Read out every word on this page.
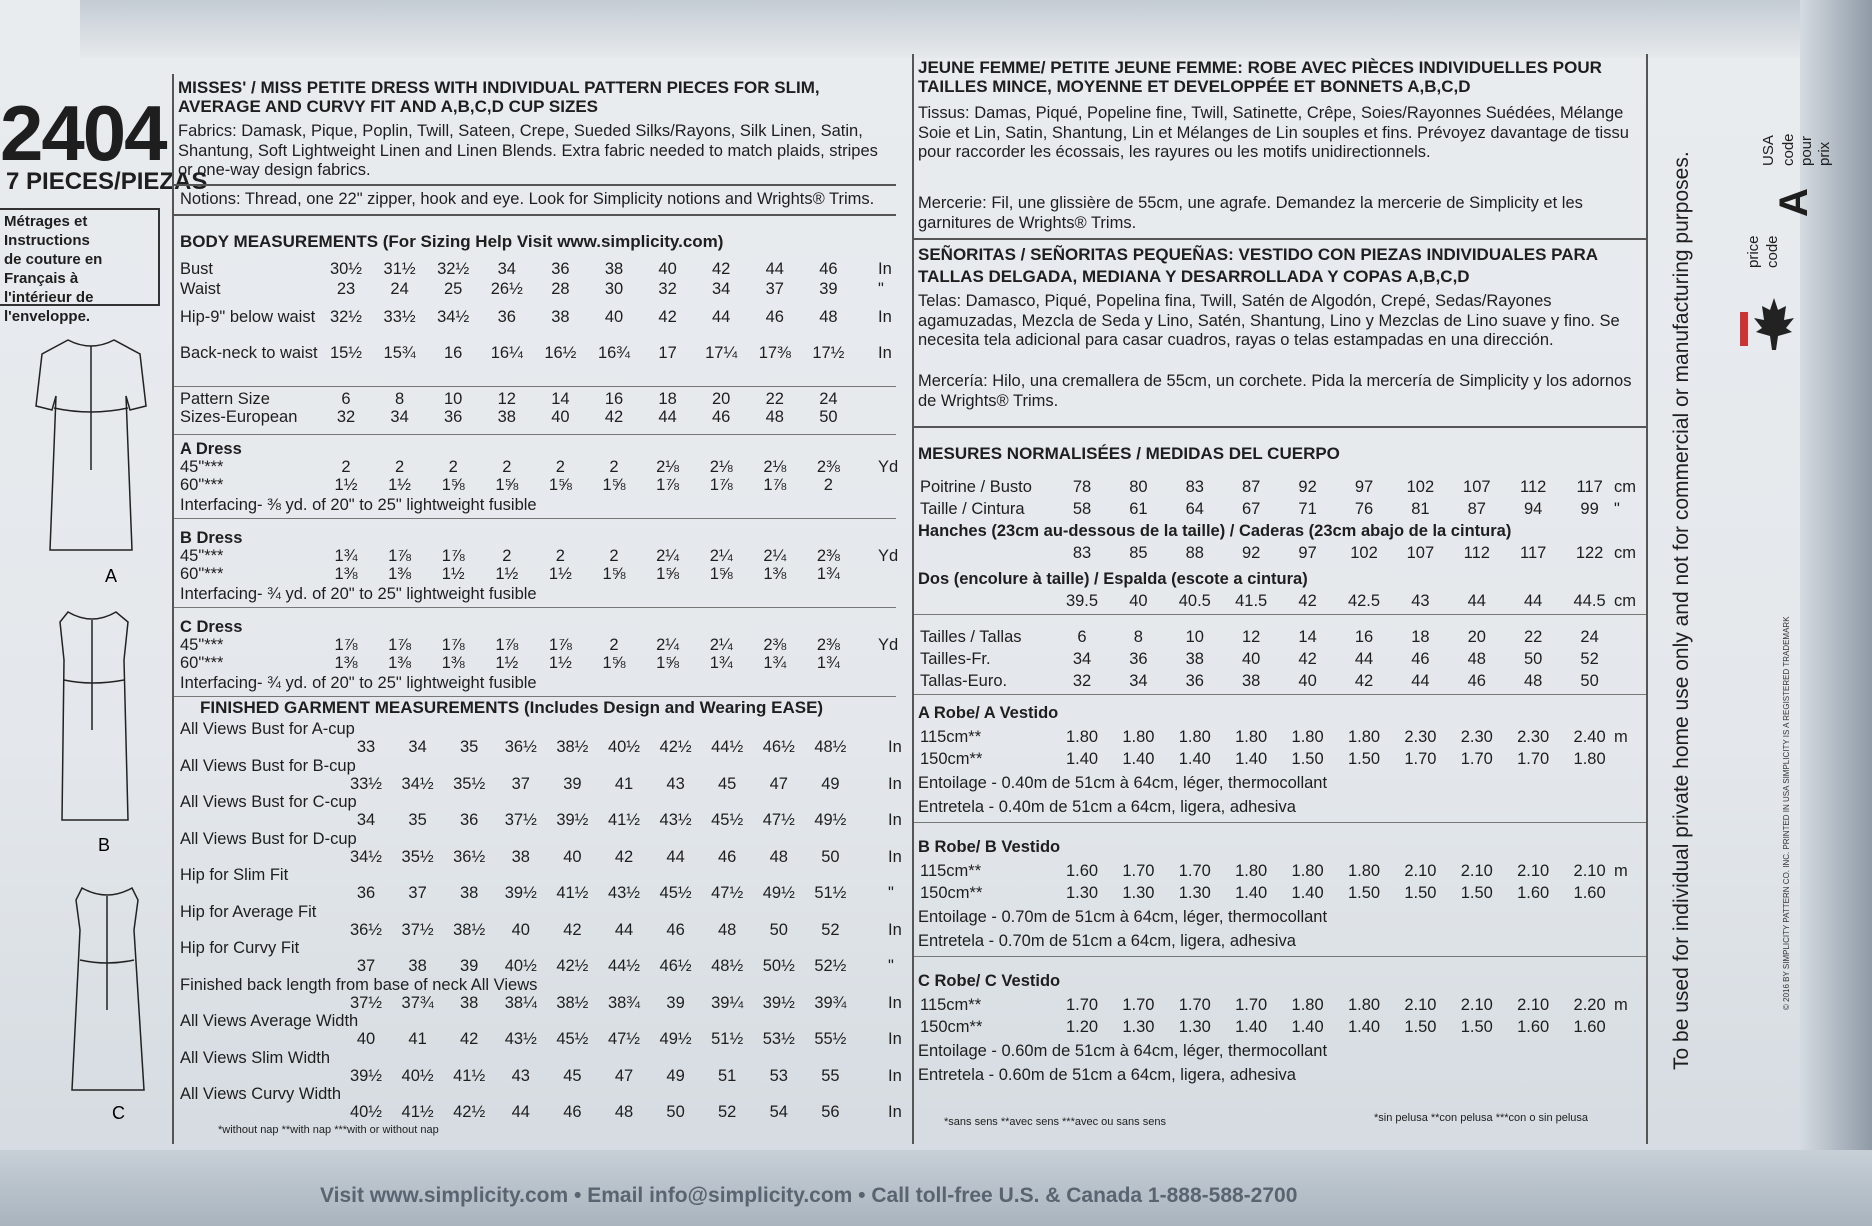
2404
7 PIECES/PIEZAS
Métrages et Instructions
de couture en Français à
l'intérieur de
l'enveloppe.
A
B
C
MISSES' / MISS PETITE DRESS WITH INDIVIDUAL PATTERN PIECES FOR SLIM, AVERAGE AND CURVY FIT AND A,B,C,D CUP SIZES
Fabrics: Damask, Pique, Poplin, Twill, Sateen, Crepe, Sueded Silks/Rayons, Silk Linen, Satin, Shantung, Soft Lightweight Linen and Linen Blends. Extra fabric needed to match plaids, stripes or one-way design fabrics.
Notions: Thread, one 22" zipper, hook and eye. Look for Simplicity notions and Wrights® Trims.
BODY MEASUREMENTS (For Sizing Help Visit www.simplicity.com)
Bust	30½	31½	32½	34	36	38	40	42	44	46	In
Waist	23	24	25	26½	28	30	32	34	37	39	"
Hip-9" below waist 32½	33½	34½	36	38	40	42	44	46	48	In
Back-neck to waist 15½	15¾	16	16¼	16½	16¾	17	17¼	17⅜	17½	In
Pattern Size	6	8	10	12	14	16	18	20	22	24
Sizes-European	32	34	36	38	40	42	44	46	48	50
A Dress
45"***	2	2	2	2	2	2	2⅛	2⅛	2⅛	2⅜	Yd
60"***	1½	1½	1⅝	1⅝	1⅝	1⅝	1⅞	1⅞	1⅞	2
Interfacing- ⅜ yd. of 20" to 25" lightweight fusible
B Dress
45"***	1¾	1⅞	1⅞	2	2	2	2¼	2¼	2¼	2⅜	Yd
60"***	1⅜	1⅜	1½	1½	1½	1⅝	1⅝	1⅝	1⅜	1¾
Interfacing- ¾ yd. of 20" to 25" lightweight fusible
C Dress
45"***	1⅞	1⅞	1⅞	1⅞	1⅞	2	2¼	2¼	2⅜	2⅜	Yd
60"***	1⅜	1⅜	1⅜	1½	1½	1⅝	1⅝	1¾	1¾	1¾
Interfacing- ¾ yd. of 20" to 25" lightweight fusible
FINISHED GARMENT MEASUREMENTS (Includes Design and Wearing EASE)
All Views Bust for A-cup
33	34	35	36½	38½	40½	42½	44½	46½	48½	In
All Views Bust for B-cup
33½	34½	35½	37	39	41	43	45	47	49	In
All Views Bust for C-cup
34	35	36	37½	39½	41½	43½	45½	47½	49½	In
All Views Bust for D-cup
34½	35½	36½	38	40	42	44	46	48	50	In
Hip for Slim Fit
36	37	38	39½	41½	43½	45½	47½	49½	51½	"
Hip for Average Fit
36½	37½	38½	40	42	44	46	48	50	52	In
Hip for Curvy Fit
37	38	39	40½	42½	44½	46½	48½	50½	52½	"
Finished back length from base of neck All Views
37½	37¾	38	38¼	38½	38¾	39	39¼	39½	39¾	In
All Views Average Width
40	41	42	43½	45½	47½	49½	51½	53½	55½	In
All Views Slim Width
39½	40½	41½	43	45	47	49	51	53	55	In
All Views Curvy Width
40½	41½	42½	44	46	48	50	52	54	56	In
*without nap **with nap ***with or without nap
JEUNE FEMME/ PETITE JEUNE FEMME: ROBE AVEC PIÈCES INDIVIDUELLES POUR TAILLES MINCE, MOYENNE ET DEVELOPPÉE ET BONNETS A,B,C,D
Tissus: Damas, Piqué, Popeline fine, Twill, Satinette, Crêpe, Soies/Rayonnes Suédées, Mélange Soie et Lin, Satin, Shantung, Lin et Mélanges de Lin souples et fins. Prévoyez davantage de tissu pour raccorder les écossais, les rayures ou les motifs unidirectionnels.
Mercerie: Fil, une glissière de 55cm, une agrafe. Demandez la mercerie de Simplicity et les garnitures de Wrights® Trims.
SEÑORITAS / SEÑORITAS PEQUEÑAS: VESTIDO CON PIEZAS INDIVIDUALES PARA TALLAS DELGADA, MEDIANA Y DESARROLLADA Y COPAS A,B,C,D
Telas: Damasco, Piqué, Popelina fina, Twill, Satén de Algodón, Crepé, Sedas/Rayones agamuzadas, Mezcla de Seda y Lino, Satén, Shantung, Lino y Mezclas de Lino suave y fino. Se necesita tela adicional para casar cuadros, rayas o telas estampadas en una dirección.
Mercería: Hilo, una cremallera de 55cm, un corchete. Pida la mercería de Simplicity y los adornos de Wrights® Trims.
MESURES NORMALISÉES / MEDIDAS DEL CUERPO
Poitrine / Busto	78	80	83	87	92	97	102	107	112	117 cm
Taille / Cintura	58	61	64	67	71	76	81	87	94	99 "
Hanches (23cm au-dessous de la taille) / Caderas (23cm abajo de la cintura)
83	85	88	92	97	102	107	112	117	122 cm
Dos (encolure à taille) / Espalda (escote a cintura)
39.5	40	40.5	41.5	42	42.5	43	44	44	44.5 cm
Tailles / Tallas	6	8	10	12	14	16	18	20	22	24
Tailles-Fr.	34	36	38	40	42	44	46	48	50	52
Tallas-Euro.	32	34	36	38	40	42	44	46	48	50
A Robe/ A Vestido
115cm**	1.80	1.80	1.80	1.80	1.80	1.80	2.30	2.30	2.30	2.40 m
150cm**	1.40	1.40	1.40	1.40	1.50	1.50	1.70	1.70	1.70	1.80
Entoilage - 0.40m de 51cm à 64cm, léger, thermocollant
Entretela - 0.40m de 51cm a 64cm, ligera, adhesiva
B Robe/ B Vestido
115cm**	1.60	1.70	1.70	1.80	1.80	1.80	2.10	2.10	2.10	2.10 m
150cm**	1.30	1.30	1.30	1.40	1.40	1.50	1.50	1.50	1.60	1.60
Entoilage - 0.70m de 51cm à 64cm, léger, thermocollant
Entretela - 0.70m de 51cm a 64cm, ligera, adhesiva
C Robe/ C Vestido
115cm**	1.70	1.70	1.70	1.70	1.80	1.80	2.10	2.10	2.10	2.20 m
150cm**	1.20	1.30	1.30	1.40	1.40	1.40	1.50	1.50	1.60	1.60
Entoilage - 0.60m de 51cm à 64cm, léger, thermocollant
Entretela - 0.60m de 51cm a 64cm, ligera, adhesiva
*sans sens **avec sens ***avec ou sans sens	*sin pelusa **con pelusa ***con o sin pelusa
To be used for individual private home use only and not for commercial or manufacturing purposes.	price code
code pour prix
USA
A
© 2016 BY SIMPLICITY PATTERN CO. INC. PRINTED IN USA SIMPLICITY IS A REGISTERED TRADEMARK
Visit www.simplicity.com • Email info@simplicity.com • Call toll-free U.S. & Canada 1-888-588-2700
